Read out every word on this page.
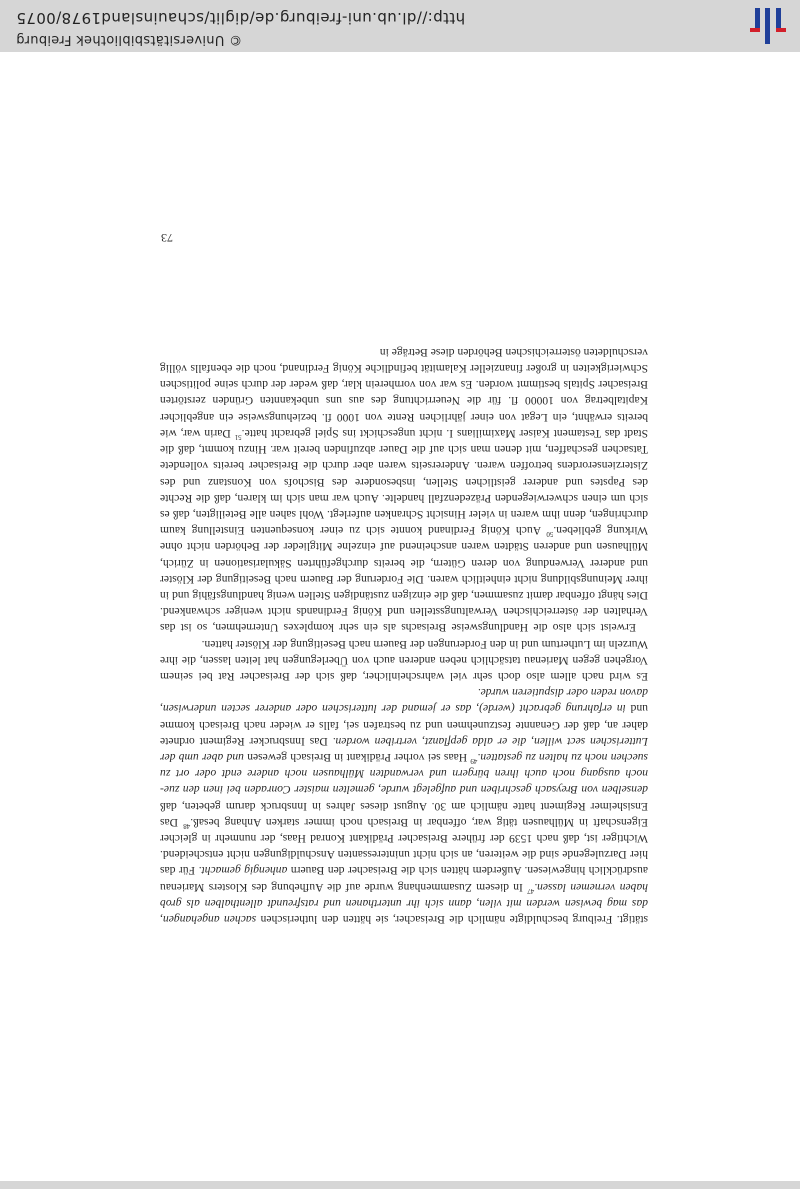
stätigt. Freiburg beschuldigte nämlich die Breisacher, sie hätten den lutherischen sachen angehangen, das mag bewisen werden mit vilen, dann sich ihr unterthanen und ratsfreundt allenthalben als grob haben vernemen lassen.$^{47}$ In diesem Zusammenhang wurde auf die Aufhebung des Klosters Marienau ausdrücklich hingewiesen. Außerdem hätten sich die Breisacher den Bauern anhengig gemacht. Für das hier Darzulegende sind die weiteren, an sich nicht uninteressanten Anschuldigungen nicht entscheidend. Wichtiger ist, daß nach 1539 der frühere Breisacher Prädikant Konrad Haas, der nunmehr in gleicher Eigenschaft in Mülhausen tätig war, offenbar in Breisach noch immer starken Anhang besaß.$^{48}$ Das Ensisheimer Regiment hatte nämlich am 30. August dieses Jahres in Innsbruck darum gebeten, daß denselben von Breysach geschriben und aufgelegt wurde, gemelten maister Conraden bei inen den zue- noch ausgang noch auch ihren bürgern und verwandten Mülhausen noch andere endt oder ort zu suechen noch zu halten zu gestatten.$^{49}$ Haas sei vorher Prädikant in Breisach gewesen und aber umb der Lutterischen sect willen, die er alda gepflanzt, vertriben worden. Das Innsbrucker Regiment ordnete daher an, daß der Genannte festzunehmen und zu bestrafen sei, falls er wieder nach Breisach komme und in erfahrung gebracht (werde), das er jemand der lutterischen oder anderer secten underwisen, davon reden oder disputieren wurde.

Es wird nach allem also doch sehr viel wahrscheinlicher, daß sich der Breisacher Rat bei seinem Vorgehen gegen Marienau tatsächlich neben anderen auch von Überlegungen hat leiten lassen, die ihre Wurzeln im Luthertum und in den Forderungen der Bauern nach Beseitigung der Klöster hatten.

Erweist sich also die Handlungsweise Breisachs als ein sehr komplexes Unternehmen, so ist das Verhalten der österreichischen Verwaltungsstellen und König Ferdinands nicht weniger schwankend. Dies hängt offenbar damit zusammen, daß die einzigen zuständigen Stellen wenig handlungsfähig und in ihrer Meinungsbildung nicht einheitlich waren. Die Forderung der Bauern nach Beseitigung der Klöster und anderer Verwendung von deren Gütern, die bereits durchgeführten Säkularisationen in Zürich, Mülhausen und anderen Städten waren anscheinend auf einzelne Mitglieder der Behörden nicht ohne Wirkung geblieben.$^{50}$ Auch König Ferdinand konnte sich zu einer konsequenten Einstellung kaum durchringen, denn ihm waren in vieler Hinsicht Schranken auferlegt. Wohl sahen alle Beteiligten, daß es sich um einen schwerwiegenden Präzedenzfall handelte. Auch war man sich im klaren, daß die Rechte des Papstes und anderer geistlichen Stellen, insbesondere des Bischofs von Konstanz und des Zisterzienserordens betroffen waren. Andererseits waren aber durch die Breisacher bereits vollendete Tatsachen geschaffen, mit denen man sich auf die Dauer abzufinden bereit war. Hinzu kommt, daß die Stadt das Testament Kaiser Maximilians I. nicht ungeschickt ins Spiel gebracht hatte.$^{51}$ Darin war, wie bereits erwähnt, ein Legat von einer jährlichen Rente von 1000 fl. beziehungsweise ein angeblicher Kapitalbetrag von 10000 fl. für die Neuerrichtung des aus uns unbekannten Gründen zerstörten Breisacher Spitals bestimmt worden. Es war von vornherein klar, daß weder der durch seine politischen Schwierigkeiten in großer finanzieller Kalamität befindliche König Ferdinand, noch die ebenfalls völlig verschuldeten österreichischen Behörden diese Beträge in

73
© Universitätsbibliothek Freiburg
http://dl.ub.uni-freiburg.de/diglit/schauinsland1978/0075
